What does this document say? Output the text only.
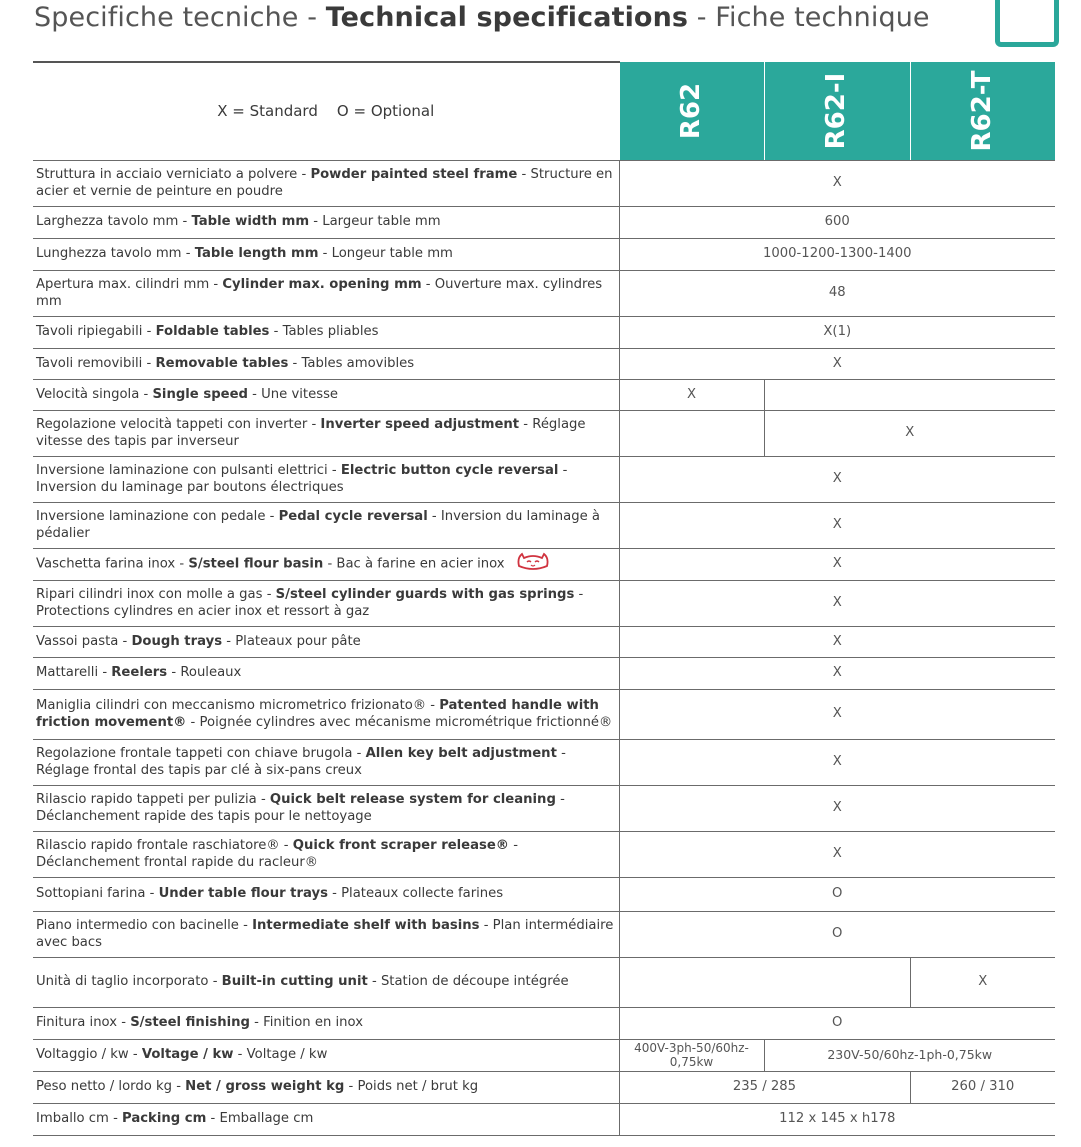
Specifiche tecniche - Technical specifications - Fiche technique
X = Standard O = Optional	R62	R62-I	R62-T

Struttura in acciaio verniciato a polvere - Powder painted steel frame - Structure en acier et vernie de peinture en poudre	X		
Larghezza tavolo mm - Table width mm - Largeur table mm	600		
Lunghezza tavolo mm - Table length mm - Longeur table mm	1000-1200-1300-1400		
Apertura max. cilindri mm - Cylinder max. opening mm - Ouverture max. cylindres mm	48		
Tavoli ripiegabili - Foldable tables - Tables pliables	X(1)		
Tavoli removibili - Removable tables - Tables amovibles	X		
Velocità singola - Single speed - Une vitesse	X		
Regolazione velocità tappeti con inverter - Inverter speed adjustment - Réglage vitesse des tapis par inverseur		X	
Inversione laminazione con pulsanti elettrici - Electric button cycle reversal - Inversion du laminage par boutons électriques	X		
Inversione laminazione con pedale - Pedal cycle reversal - Inversion du laminage à pédalier	X		
Vaschetta farina inox - S/steel flour basin - Bac à farine en acier inox	X		
Ripari cilindri inox con molle a gas - S/steel cylinder guards with gas springs - Protections cylindres en acier inox et ressort à gaz	X		
Vassoi pasta - Dough trays - Plateaux pour pâte	X		
Mattarelli - Reelers - Rouleaux	X		
Maniglia cilindri con meccanismo micrometrico frizionato® - Patented handle with friction movement® - Poignée cylindres avec mécanisme micrométrique frictionné®	X		
Regolazione frontale tappeti con chiave brugola - Allen key belt adjustment - Réglage frontal des tapis par clé à six-pans creux	X		
Rilascio rapido tappeti per pulizia - Quick belt release system for cleaning - Déclanchement rapide des tapis pour le nettoyage	X		
Rilascio rapido frontale raschiatore® - Quick front scraper release® - Déclanchement frontal rapide du racleur®	X		
Sottopiani farina - Under table flour trays - Plateaux collecte farines	O		
Piano intermedio con bacinelle - Intermediate shelf with basins - Plan intermédiaire avec bacs	O		
Unità di taglio incorporato - Built-in cutting unit - Station de découpe intégrée			X
Finitura inox - S/steel finishing - Finition en inox	O		
Voltaggio / kw - Voltage / kw - Voltage / kw	400V-3ph-50/60hz-0,75kw	230V-50/60hz-1ph-0,75kw	
Peso netto / lordo kg - Net / gross weight kg - Poids net / brut kg	235 / 285		260 / 310
Imballo cm - Packing cm - Emballage cm	112 x 145 x h178		
